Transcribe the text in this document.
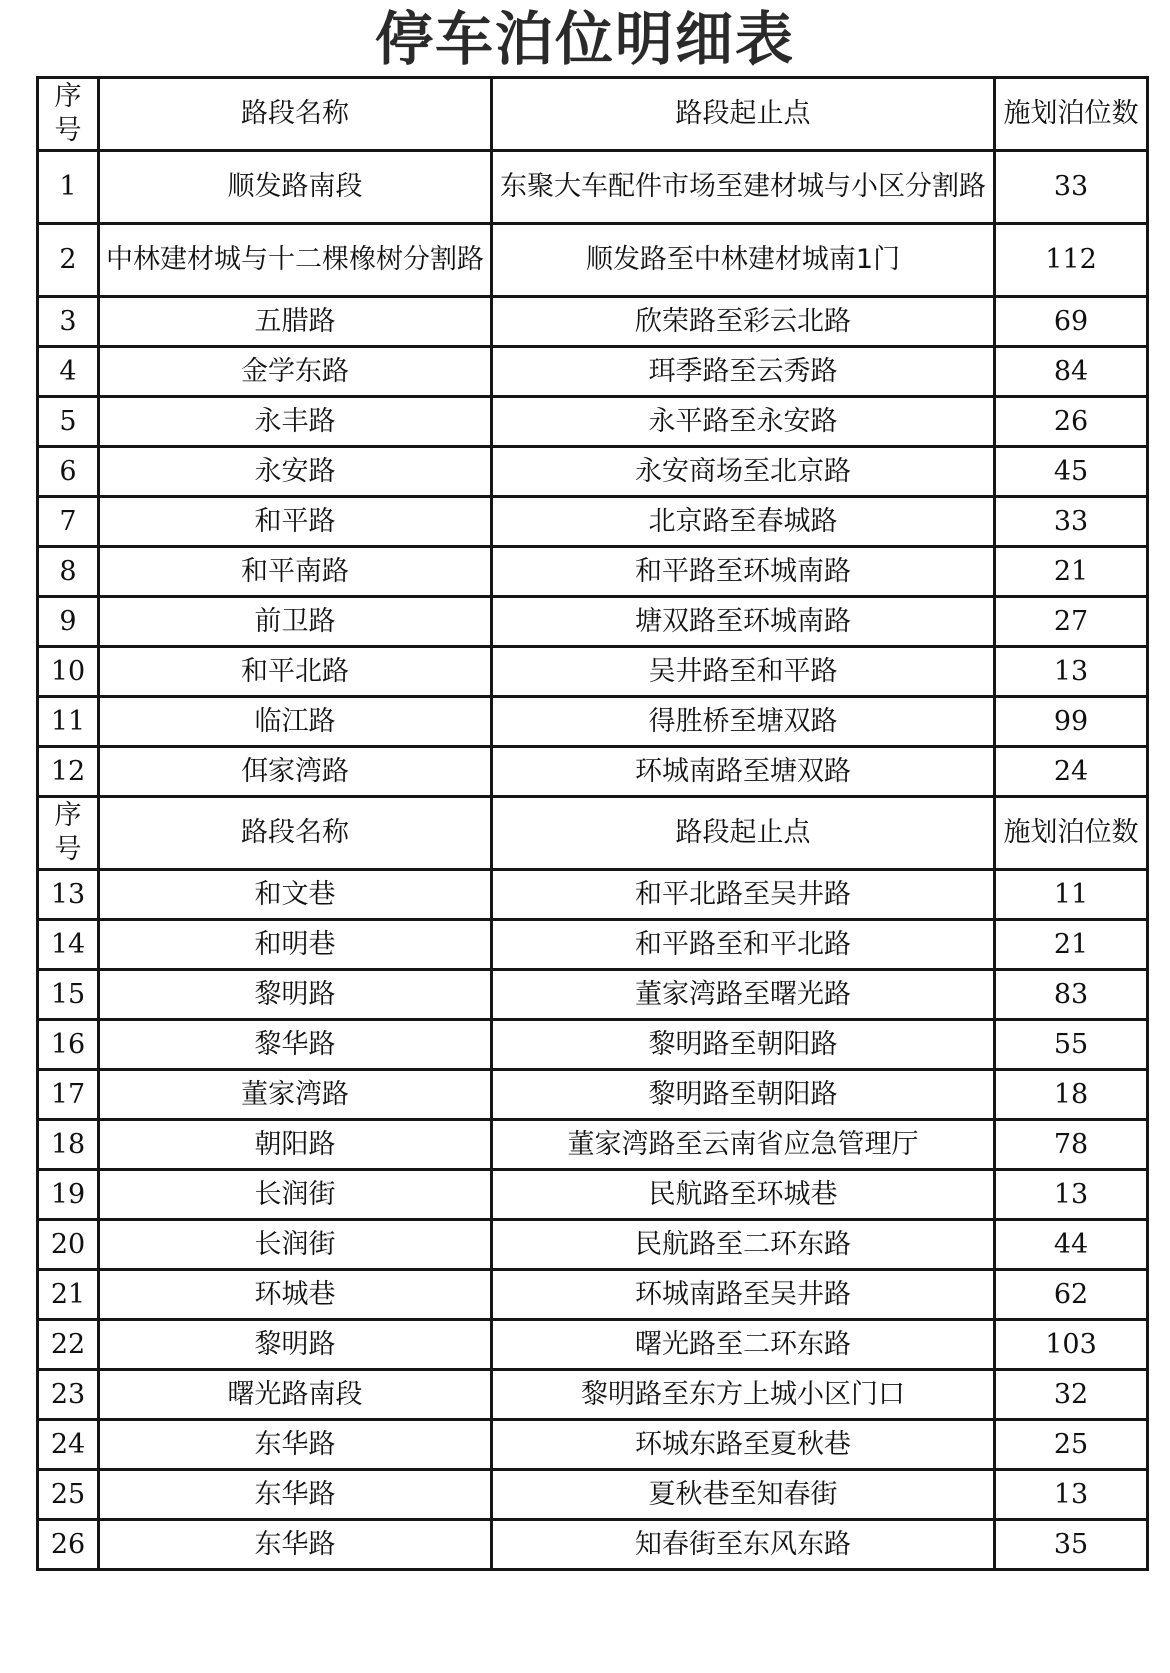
停车泊位明细表
序号	路段名称	路段起止点	施划泊位数
1	顺发路南段	东聚大车配件市场至建材城与小区分割路	33
2	中林建材城与十二棵橡树分割路	顺发路至中林建材城南1门	112
3	五腊路	欣荣路至彩云北路	69
4	金学东路	珥季路至云秀路	84
5	永丰路	永平路至永安路	26
6	永安路	永安商场至北京路	45
7	和平路	北京路至春城路	33
8	和平南路	和平路至环城南路	21
9	前卫路	塘双路至环城南路	27
10	和平北路	吴井路至和平路	13
11	临江路	得胜桥至塘双路	99
12	佴家湾路	环城南路至塘双路	24
序号	路段名称	路段起止点	施划泊位数
13	和文巷	和平北路至吴井路	11
14	和明巷	和平路至和平北路	21
15	黎明路	董家湾路至曙光路	83
16	黎华路	黎明路至朝阳路	55
17	董家湾路	黎明路至朝阳路	18
18	朝阳路	董家湾路至云南省应急管理厅	78
19	长润街	民航路至环城巷	13
20	长润街	民航路至二环东路	44
21	环城巷	环城南路至吴井路	62
22	黎明路	曙光路至二环东路	103
23	曙光路南段	黎明路至东方上城小区门口	32
24	东华路	环城东路至夏秋巷	25
25	东华路	夏秋巷至知春街	13
26	东华路	知春街至东风东路	35
